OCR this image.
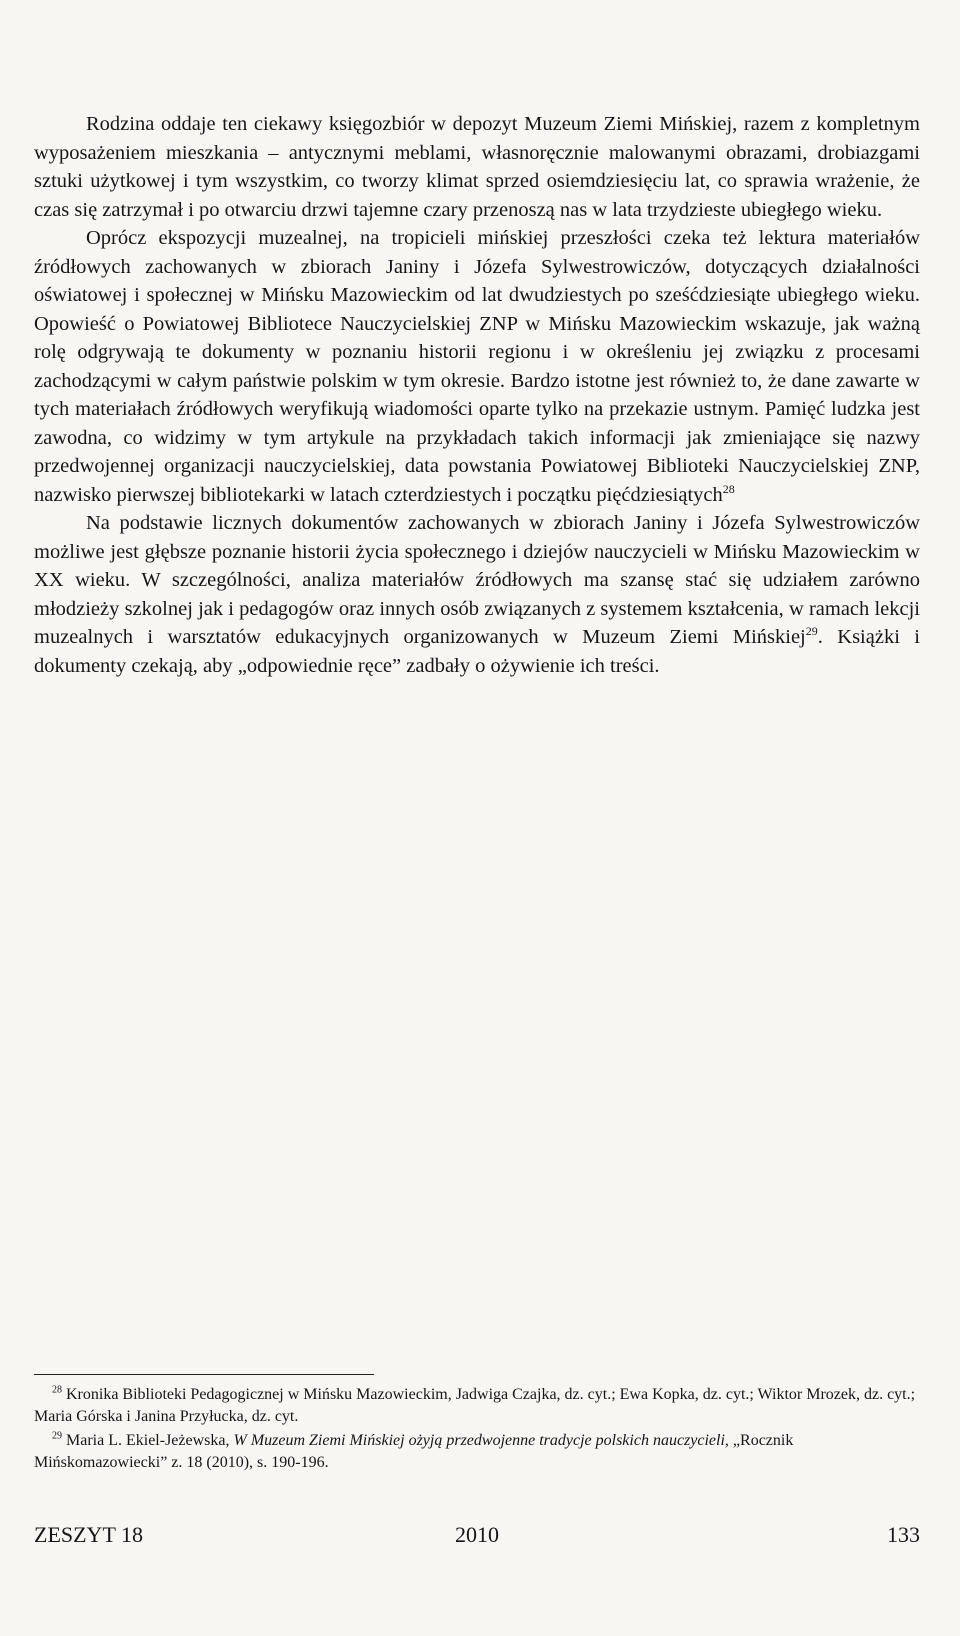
Rodzina oddaje ten ciekawy księgozbiór w depozyt Muzeum Ziemi Mińskiej, razem z kompletnym wyposażeniem mieszkania – antycznymi meblami, własnoręcznie malowanymi obrazami, drobiazgami sztuki użytkowej i tym wszystkim, co tworzy klimat sprzed osiemdziesięciu lat, co sprawia wrażenie, że czas się zatrzymał i po otwarciu drzwi tajemne czary przenoszą nas w lata trzydzieste ubiegłego wieku.

Oprócz ekspozycji muzealnej, na tropicieli mińskiej przeszłości czeka też lektura materiałów źródłowych zachowanych w zbiorach Janiny i Józefa Sylwestrowiczów, dotyczących działalności oświatowej i społecznej w Mińsku Mazowieckim od lat dwudziestych po sześćdziesiąte ubiegłego wieku. Opowieść o Powiatowej Bibliotece Nauczycielskiej ZNP w Mińsku Mazowieckim wskazuje, jak ważną rolę odgrywają te dokumenty w poznaniu historii regionu i w określeniu jej związku z procesami zachodzącymi w całym państwie polskim w tym okresie. Bardzo istotne jest również to, że dane zawarte w tych materiałach źródłowych weryfikują wiadomości oparte tylko na przekazie ustnym. Pamięć ludzka jest zawodna, co widzimy w tym artykule na przykładach takich informacji jak zmieniające się nazwy przedwojennej organizacji nauczycielskiej, data powstania Powiatowej Biblioteki Nauczycielskiej ZNP, nazwisko pierwszej bibliotekarki w latach czterdziestych i początku pięćdziesiątych$^{28}$

Na podstawie licznych dokumentów zachowanych w zbiorach Janiny i Józefa Sylwestrowiczów możliwe jest głębsze poznanie historii życia społecznego i dziejów nauczycieli w Mińsku Mazowieckim w XX wieku. W szczególności, analiza materiałów źródłowych ma szansę stać się udziałem zarówno młodzieży szkolnej jak i pedagogów oraz innych osób związanych z systemem kształcenia, w ramach lekcji muzealnych i warsztatów edukacyjnych organizowanych w Muzeum Ziemi Mińskiej$^{29}$. Książki i dokumenty czekają, aby „odpowiednie ręce” zadbały o ożywienie ich treści.

$^{28}$ Kronika Biblioteki Pedagogicznej w Mińsku Mazowieckim, Jadwiga Czajka, dz. cyt.; Ewa Kopka, dz. cyt.; Wiktor Mrozek, dz. cyt.; Maria Górska i Janina Przyłucka, dz. cyt.

$^{29}$ Maria L. Ekiel-Jeżewska, W Muzeum Ziemi Mińskiej ożyją przedwojenne tradycje polskich nauczycieli, „Rocznik Mińskomazowiecki” z. 18 (2010), s. 190-196.

ZESZYT 18	2010	133
